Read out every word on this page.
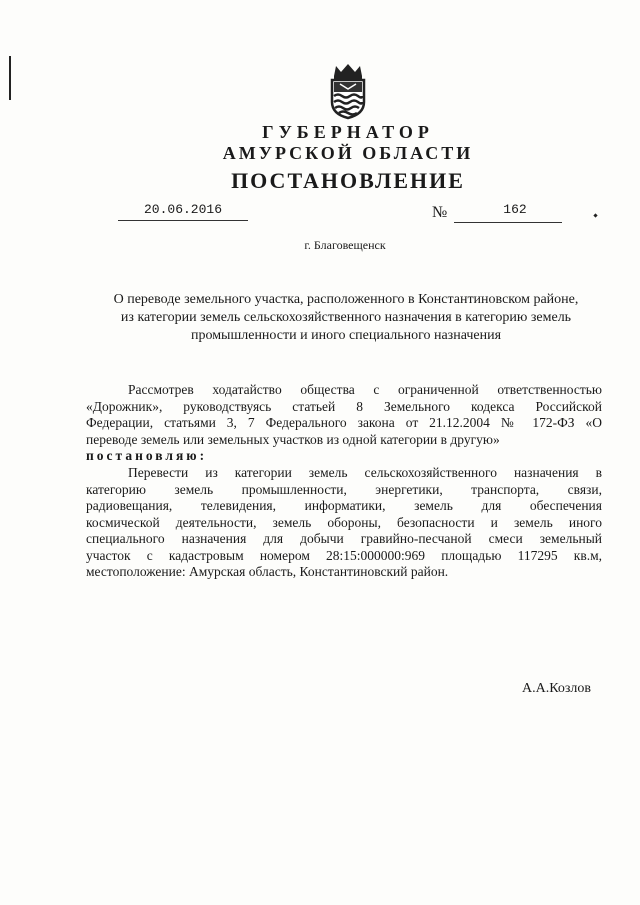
ГУБЕРНАТОР
АМУРСКОЙ ОБЛАСТИ
ПОСТАНОВЛЕНИЕ
20.06.2016	№	162
г. Благовещенск
О переводе земельного участка, расположенного в Константиновском районе,
из категории земель сельскохозяйственного назначения в категорию земель
промышленности и иного специального назначения
Рассмотрев ходатайство общества с ограниченной ответственностью
«Дорожник», руководствуясь статьей 8 Земельного кодекса Российской
Федерации, статьями 3, 7 Федерального закона от 21.12.2004 № 172-ФЗ «О
переводе земель или земельных участков из одной категории в другую»
постановляю:
Перевести из категории земель сельскохозяйственного назначения в
категорию земель промышленности, энергетики, транспорта, связи,
радиовещания, телевидения, информатики, земель для обеспечения
космической деятельности, земель обороны, безопасности и земель иного
специального назначения для добычи гравийно-песчаной смеси земельный
участок с кадастровым номером 28:15:000000:969 площадью 117295 кв.м,
местоположение: Амурская область, Константиновский район.
А.А.Козлов
